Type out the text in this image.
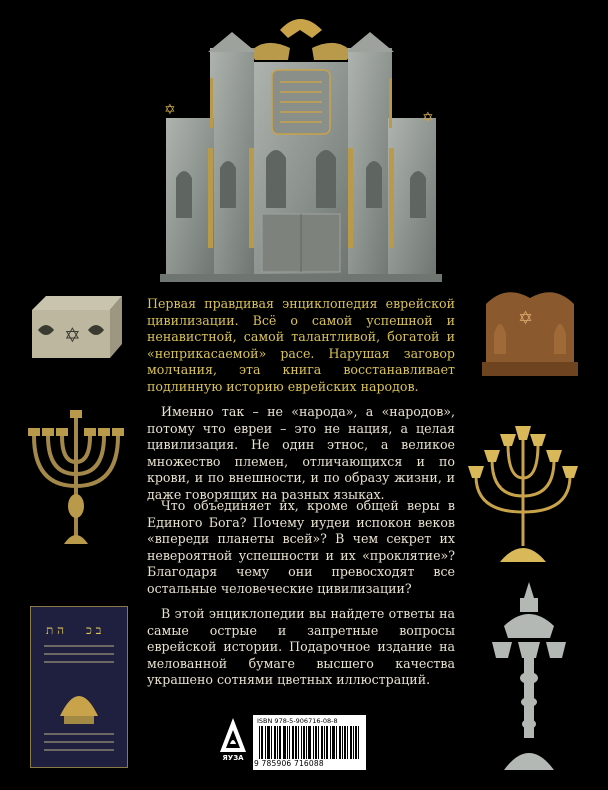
✡	✡
✡
ה ת ב כ
✡

Первая правдивая энциклопедия еврейской цивилизации. Всё о самой успешной и ненавистной, самой талантливой, богатой и «неприкасаемой» расе. Нарушая заговор молчания, эта книга восстанавливает подлинную историю еврейских народов.

Именно так – не «народа», а «народов», потому что евреи – это не нация, а целая цивилизация. Не один этнос, а великое множество племен, отличающихся и по крови, и по внешности, и по образу жизни, и даже говорящих на разных языках.

Что объединяет их, кроме общей веры в Единого Бога? Почему иудеи испокон веков «впереди планеты всей»? В чем секрет их невероятной успешности и их «проклятие»? Благодаря чему они превосходят все остальные человеческие цивилизации?

В этой энциклопедии вы найдете ответы на самые острые и запретные вопросы еврейской истории. Подарочное издание на мелованной бумаге высшего качества украшено сотнями цветных иллюстраций.

ЯУЗА
ISBN 978-5-906716-08-8
9 785906 716088
